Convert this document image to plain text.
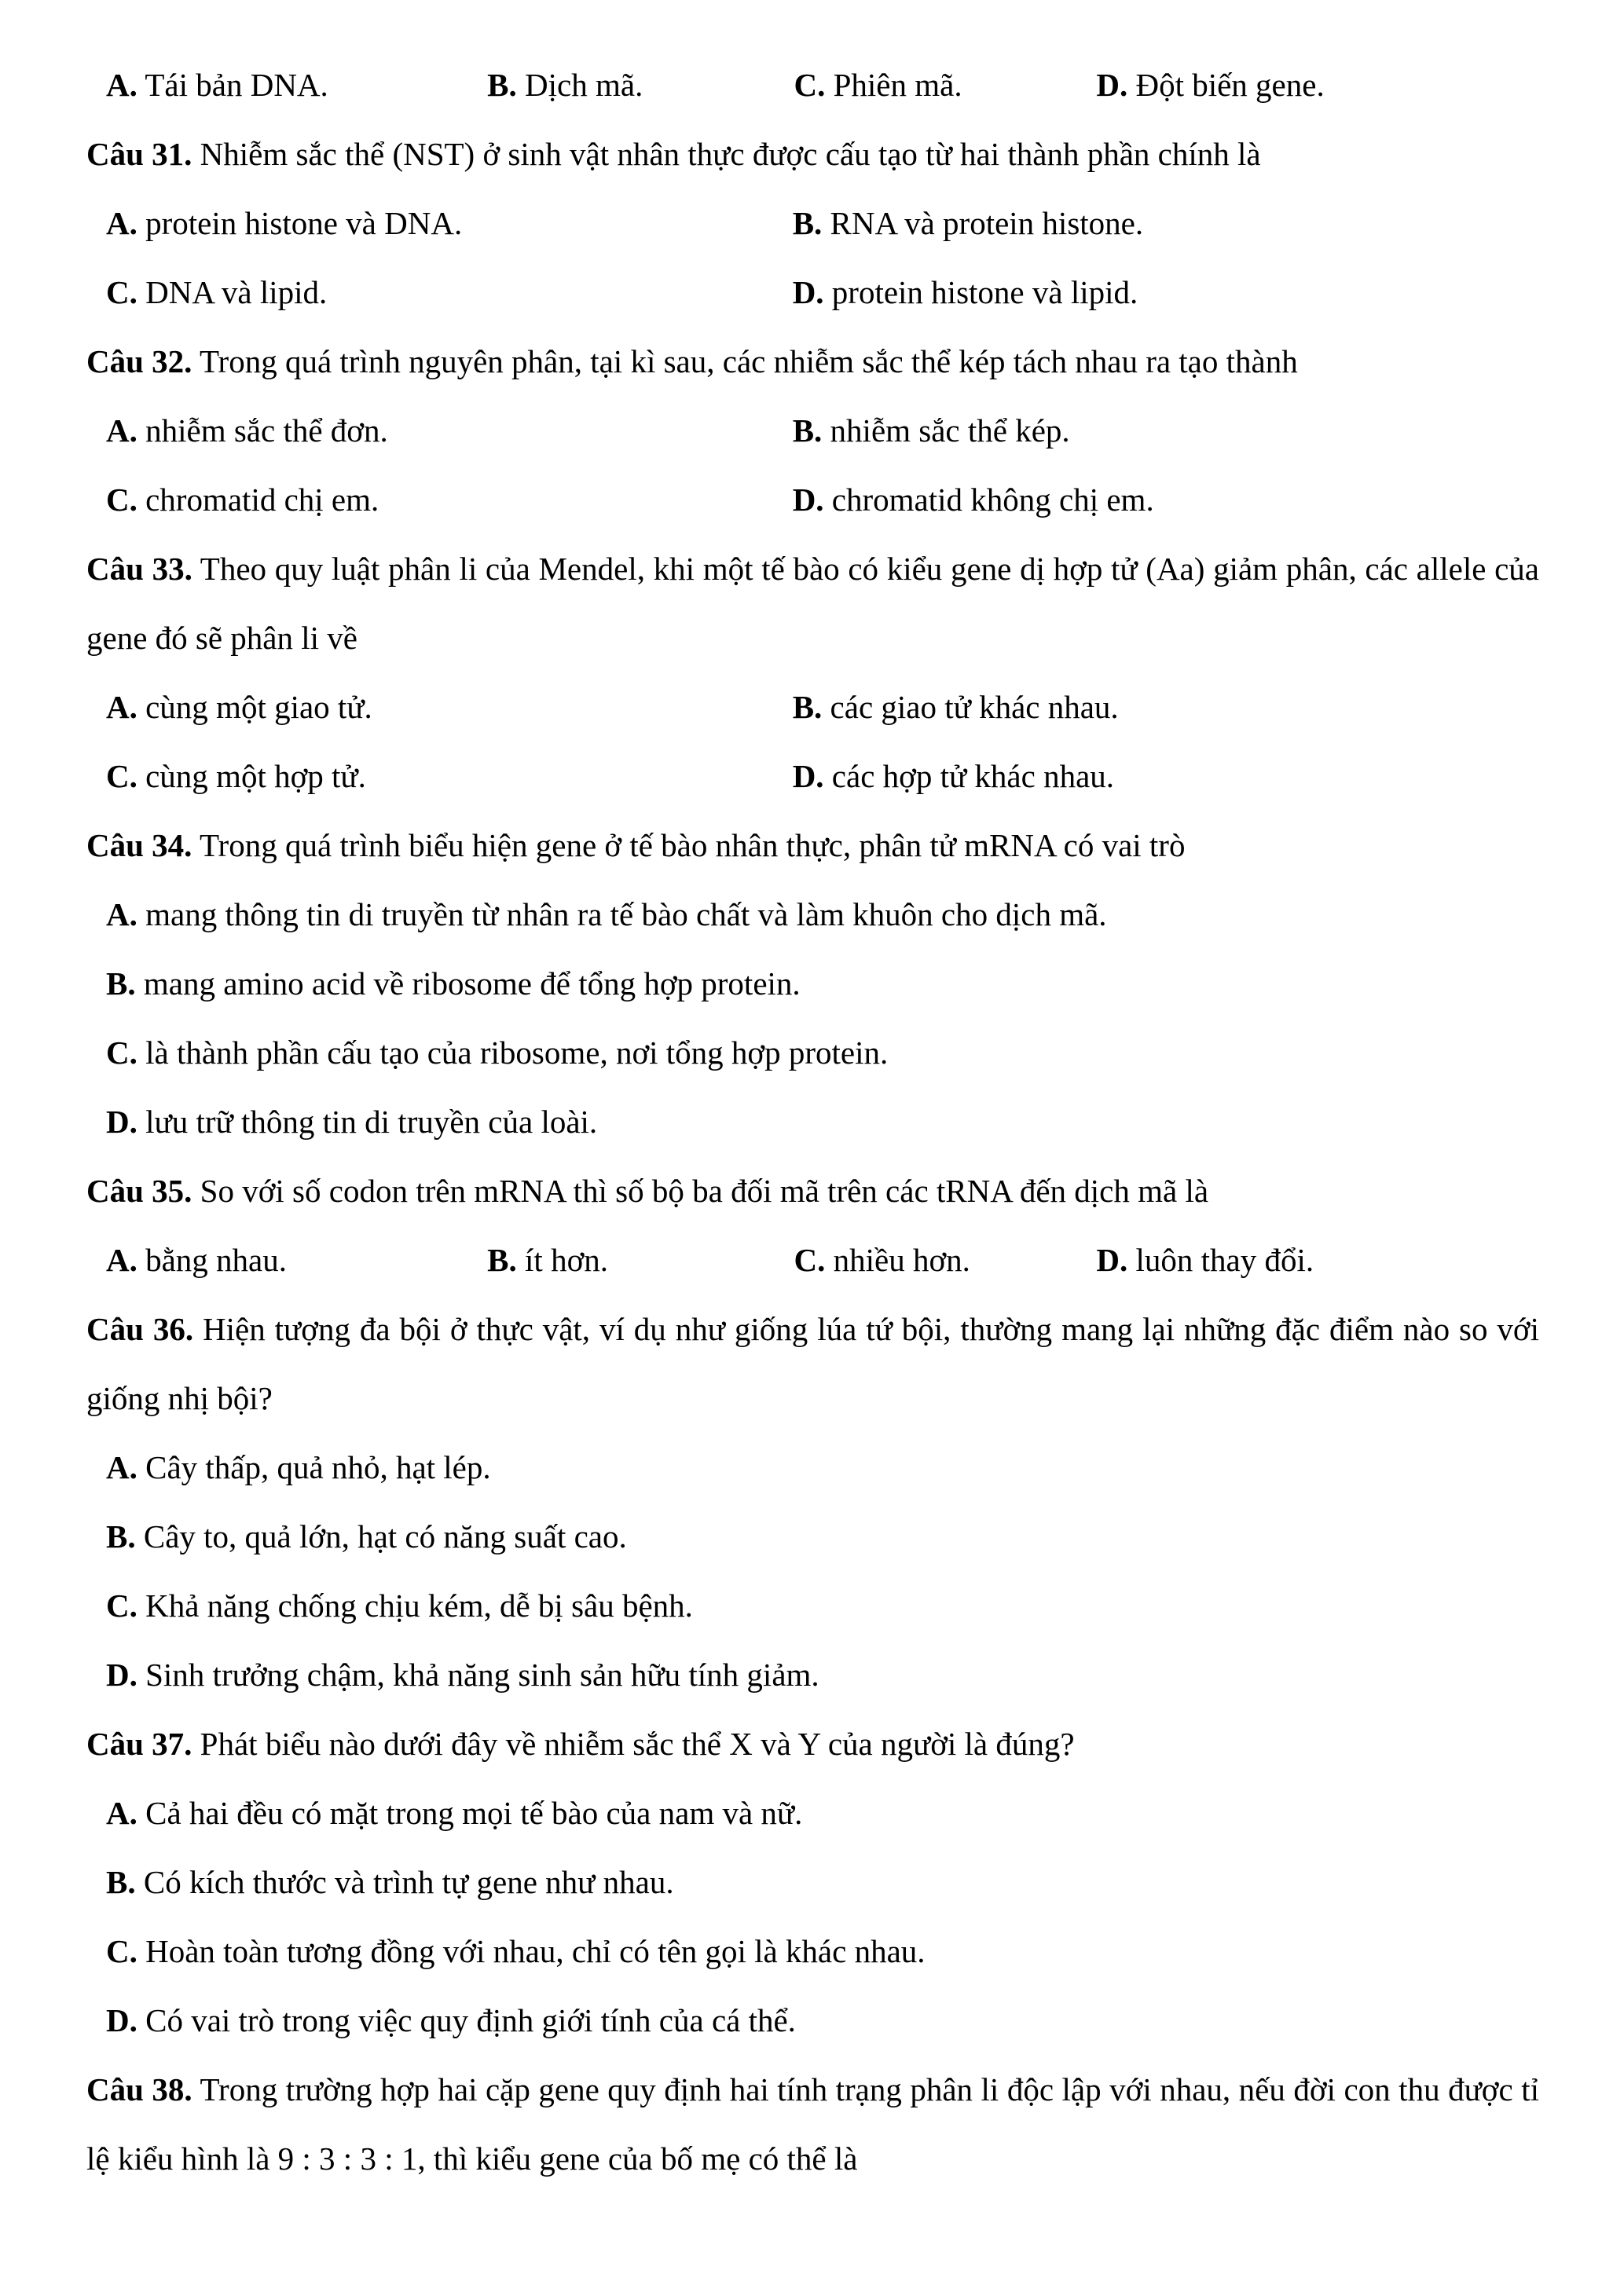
A. Tái bản DNA.	B. Dịch mã.	C. Phiên mã.	D. Đột biến gene.

Câu 31. Nhiễm sắc thể (NST) ở sinh vật nhân thực được cấu tạo từ hai thành phần chính là

A. protein histone và DNA.	B. RNA và protein histone.
C. DNA và lipid.	D. protein histone và lipid.

Câu 32. Trong quá trình nguyên phân, tại kì sau, các nhiễm sắc thể kép tách nhau ra tạo thành

A. nhiễm sắc thể đơn.	B. nhiễm sắc thể kép.
C. chromatid chị em.	D. chromatid không chị em.

Câu 33. Theo quy luật phân li của Mendel, khi một tế bào có kiểu gene dị hợp tử (Aa) giảm phân, các allele của gene đó sẽ phân li về

A. cùng một giao tử.	B. các giao tử khác nhau.
C. cùng một hợp tử.	D. các hợp tử khác nhau.

Câu 34. Trong quá trình biểu hiện gene ở tế bào nhân thực, phân tử mRNA có vai trò

A. mang thông tin di truyền từ nhân ra tế bào chất và làm khuôn cho dịch mã.
B. mang amino acid về ribosome để tổng hợp protein.
C. là thành phần cấu tạo của ribosome, nơi tổng hợp protein.
D. lưu trữ thông tin di truyền của loài.

Câu 35. So với số codon trên mRNA thì số bộ ba đối mã trên các tRNA đến dịch mã là

A. bằng nhau.	B. ít hơn.	C. nhiều hơn.	D. luôn thay đổi.

Câu 36. Hiện tượng đa bội ở thực vật, ví dụ như giống lúa tứ bội, thường mang lại những đặc điểm nào so với giống nhị bội?

A. Cây thấp, quả nhỏ, hạt lép.
B. Cây to, quả lớn, hạt có năng suất cao.
C. Khả năng chống chịu kém, dễ bị sâu bệnh.
D. Sinh trưởng chậm, khả năng sinh sản hữu tính giảm.

Câu 37. Phát biểu nào dưới đây về nhiễm sắc thể X và Y của người là đúng?

A. Cả hai đều có mặt trong mọi tế bào của nam và nữ.
B. Có kích thước và trình tự gene như nhau.
C. Hoàn toàn tương đồng với nhau, chỉ có tên gọi là khác nhau.
D. Có vai trò trong việc quy định giới tính của cá thể.

Câu 38. Trong trường hợp hai cặp gene quy định hai tính trạng phân li độc lập với nhau, nếu đời con thu được tỉ lệ kiểu hình là 9 : 3 : 3 : 1, thì kiểu gene của bố mẹ có thể là
